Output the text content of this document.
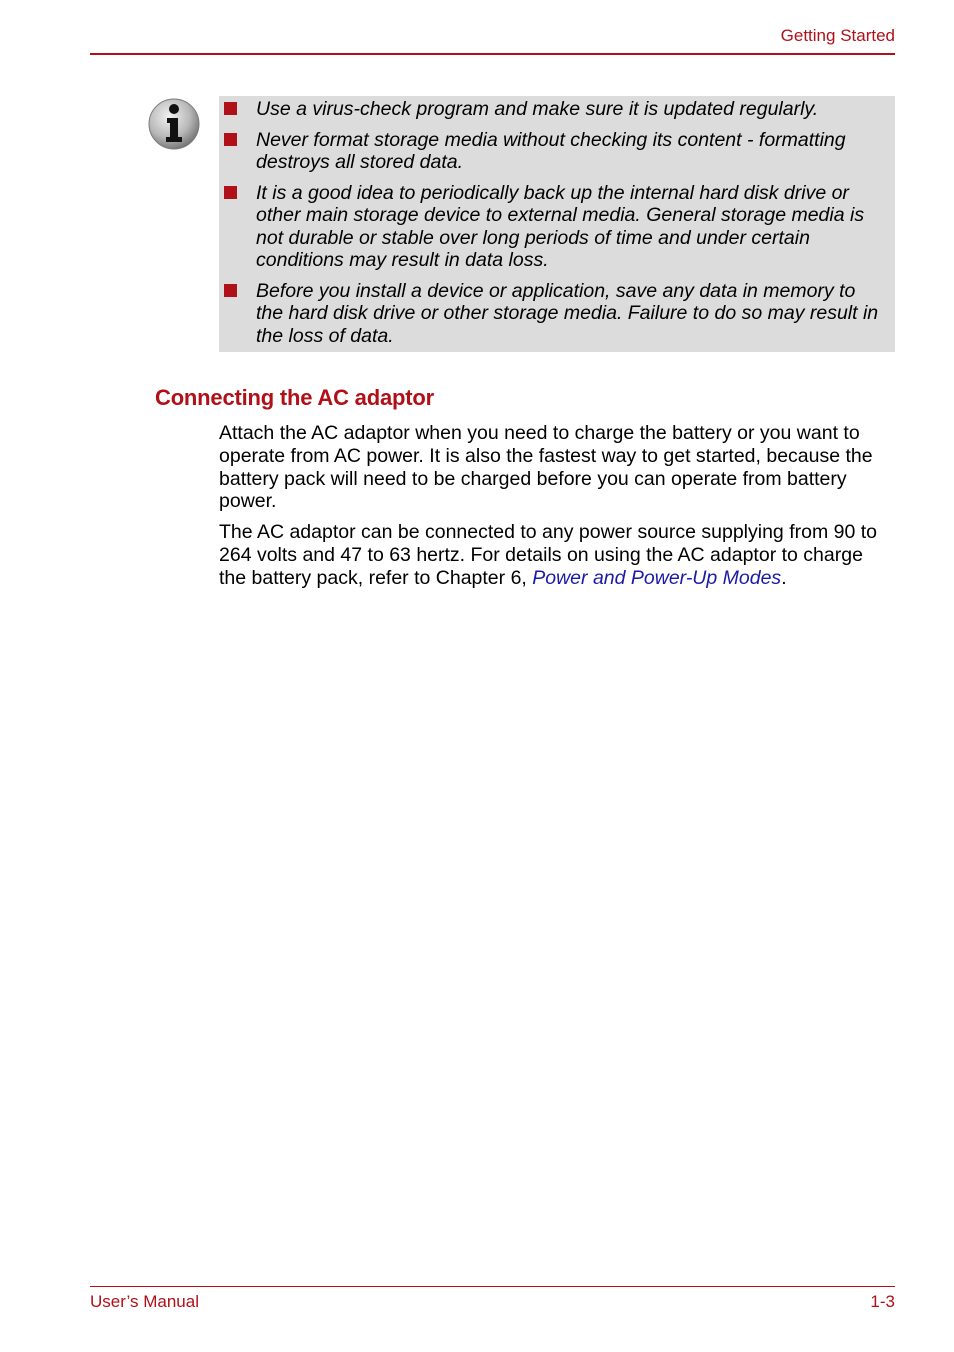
Getting Started
Use a virus-check program and make sure it is updated regularly.
Never format storage media without checking its content - formatting destroys all stored data.
It is a good idea to periodically back up the internal hard disk drive or other main storage device to external media. General storage media is not durable or stable over long periods of time and under certain conditions may result in data loss.
Before you install a device or application, save any data in memory to the hard disk drive or other storage media. Failure to do so may result in the loss of data.
Connecting the AC adaptor

Attach the AC adaptor when you need to charge the battery or you want to operate from AC power. It is also the fastest way to get started, because the battery pack will need to be charged before you can operate from battery power.

The AC adaptor can be connected to any power source supplying from 90 to 264 volts and 47 to 63 hertz. For details on using the AC adaptor to charge the battery pack, refer to Chapter 6, Power and Power-Up Modes.

User’s Manual	1-3
